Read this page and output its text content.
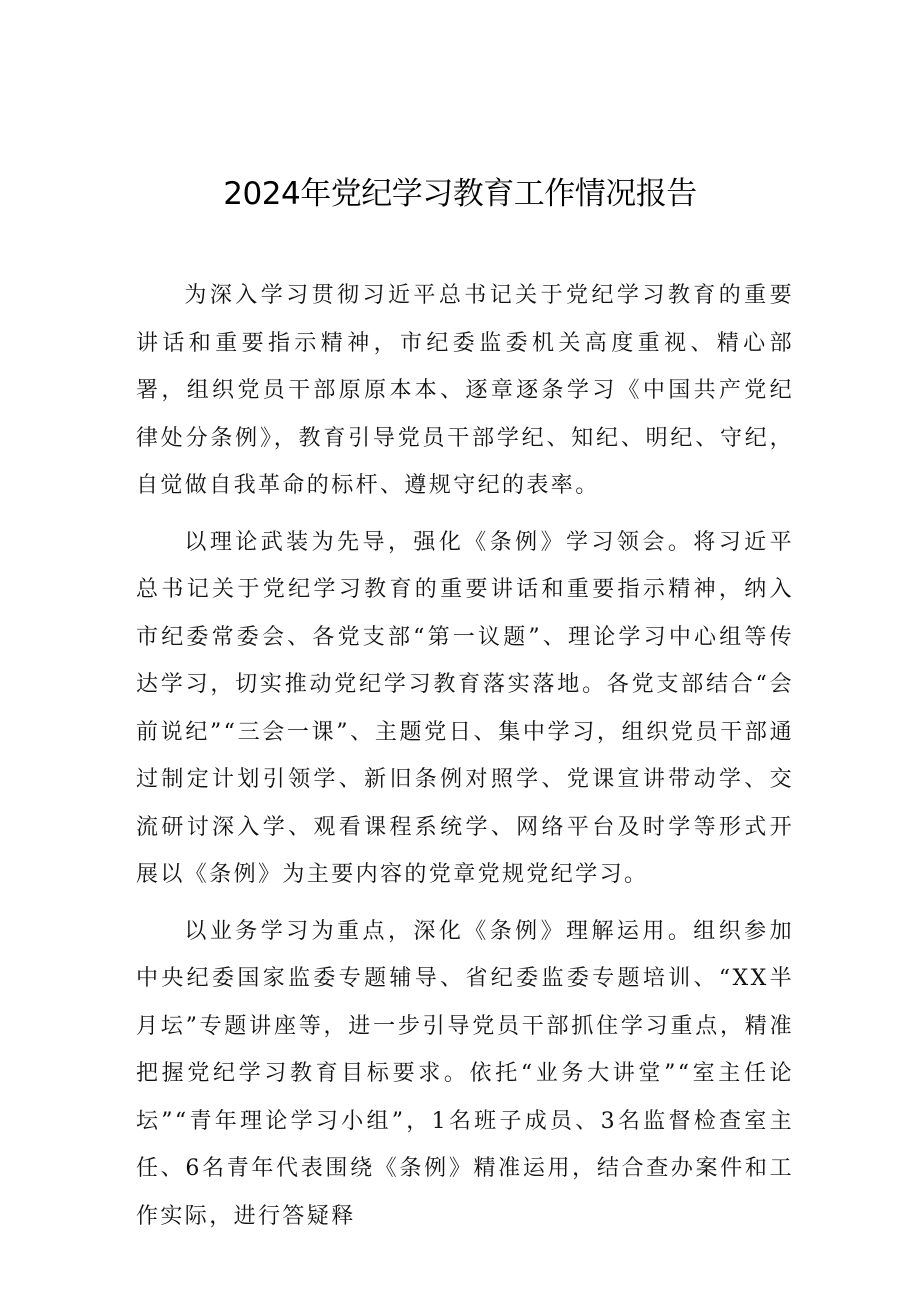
2024年党纪学习教育工作情况报告

为深入学习贯彻习近平总书记关于党纪学习教育的重要讲话和重要指示精神，市纪委监委机关高度重视、精心部署，组织党员干部原原本本、逐章逐条学习《中国共产党纪律处分条例》，教育引导党员干部学纪、知纪、明纪、守纪，自觉做自我革命的标杆、遵规守纪的表率。

以理论武装为先导，强化《条例》学习领会。将习近平总书记关于党纪学习教育的重要讲话和重要指示精神，纳入市纪委常委会、各党支部“第一议题”、理论学习中心组等传达学习，切实推动党纪学习教育落实落地。各党支部结合“会前说纪”“三会一课”、主题党日、集中学习，组织党员干部通过制定计划引领学、新旧条例对照学、党课宣讲带动学、交流研讨深入学、观看课程系统学、网络平台及时学等形式开展以《条例》为主要内容的党章党规党纪学习。

以业务学习为重点，深化《条例》理解运用。组织参加中央纪委国家监委专题辅导、省纪委监委专题培训、“XX半月坛”专题讲座等，进一步引导党员干部抓住学习重点，精准把握党纪学习教育目标要求。依托“业务大讲堂”“室主任论坛”“青年理论学习小组”，1名班子成员、3名监督检查室主任、6名青年代表围绕《条例》精准运用，结合查办案件和工作实际，进行答疑释
